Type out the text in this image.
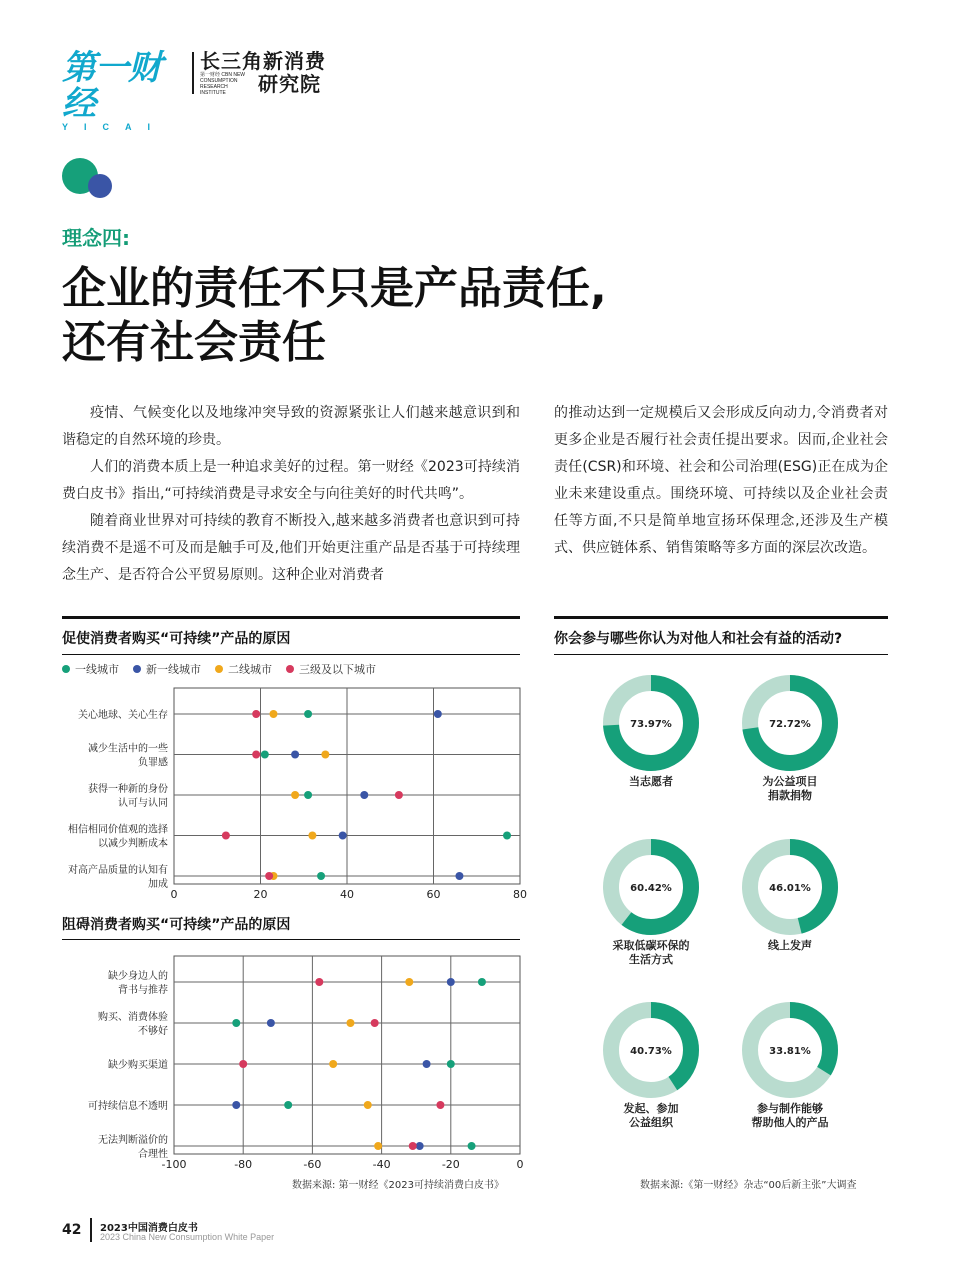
第一财经
YICAI
长三角新消费
第一财经 CBN NEW CONSUMPTION RESEARCH INSTITUTE	研究院
理念四:
企业的责任不只是产品责任,
还有社会责任

疫情、气候变化以及地缘冲突导致的资源紧张让人们越来越意识到和谐稳定的自然环境的珍贵。

人们的消费本质上是一种追求美好的过程。第一财经《2023可持续消费白皮书》指出,“可持续消费是寻求安全与向往美好的时代共鸣”。

随着商业世界对可持续的教育不断投入,越来越多消费者也意识到可持续消费不是遥不可及而是触手可及,他们开始更注重产品是否基于可持续理念生产、是否符合公平贸易原则。这种企业对消费者

的推动达到一定规模后又会形成反向动力,令消费者对更多企业是否履行社会责任提出要求。因而,企业社会责任(CSR)和环境、社会和公司治理(ESG)正在成为企业未来建设重点。围绕环境、可持续以及企业社会责任等方面,不只是简单地宣扬环保理念,还涉及生产模式、供应链体系、销售策略等多方面的深层次改造。

促使消费者购买“可持续”产品的原因
一线城市 新一线城市 二线城市 三级及以下城市
0	20	40	60	80
关心地球、关心生存
减少生活中的一些
负罪感
获得一种新的身份
认可与认同
相信相同价值观的选择
以减少判断成本
对高产品质量的认知有
加成
-100	-80	-60	-40	-20	0
缺少身边人的
背书与推荐
购买、消费体验
不够好
缺少购买渠道
可持续信息不透明
无法判断溢价的
合理性
73.97%	72.72%
60.42%	46.01%
40.73%	33.81%
阻碍消费者购买“可持续”产品的原因
数据来源: 第一财经《2023可持续消费白皮书》
你会参与哪些你认为对他人和社会有益的活动?
当志愿者	为公益项目
捐款捐物
采取低碳环保的
生活方式
线上发声
发起、参加
公益组织
参与制作能够
帮助他人的产品
数据来源:《第一财经》杂志“00后新主张”大调查
42 2023中国消费白皮书
2023 China New Consumption White Paper
